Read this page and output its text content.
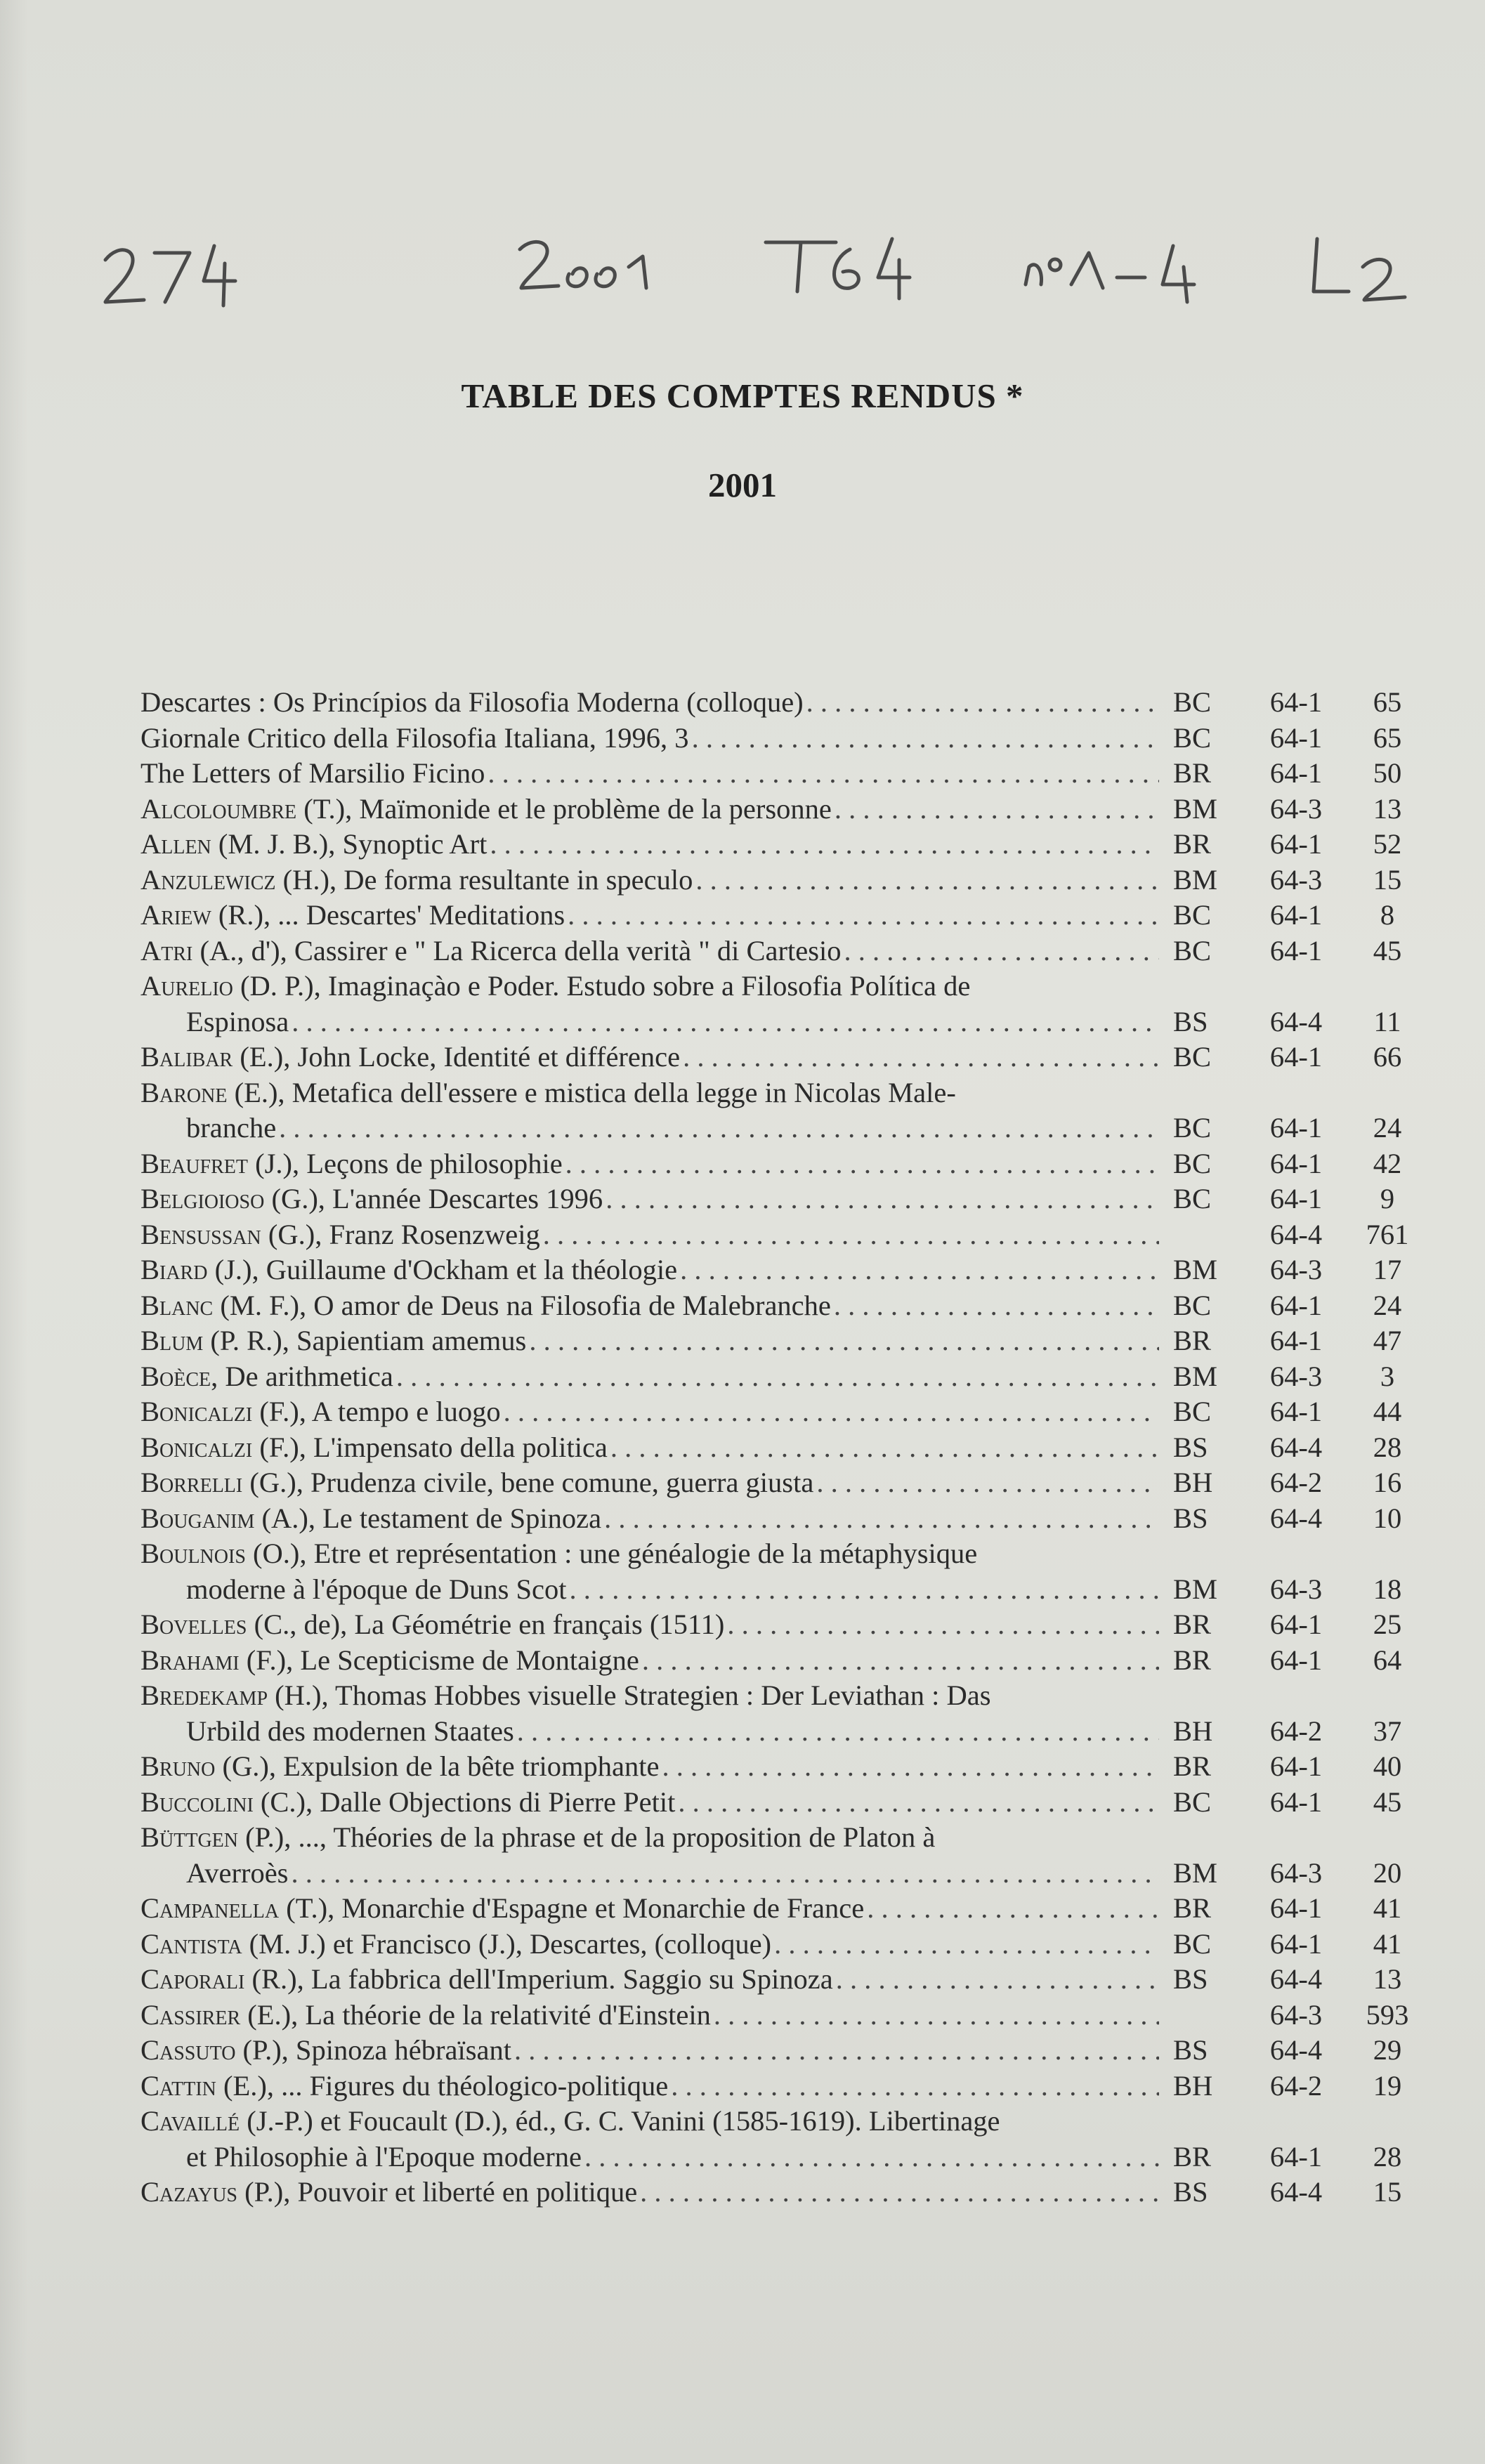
TABLE DES COMPTES RENDUS *
2001
Descartes : Os Princípios da Filosofia Moderna (colloque) . . .	BC	64-1	65
Giornale Critico della Filosofia Italiana, 1996, 3 . . .	BC	64-1	65
The Letters of Marsilio Ficino . . .	BR	64-1	50
Alcoloumbre (T.), Maïmonide et le problème de la personne . . .	BM	64-3	13
Allen (M. J. B.), Synoptic Art . . .	BR	64-1	52
Anzulewicz (H.), De forma resultante in speculo . . .	BM	64-3	15
Ariew (R.), ... Descartes' Meditations . . .	BC	64-1	8
Atri (A., d'), Cassirer e " La Ricerca della verità " di Cartesio . . .	BC	64-1	45
Aurelio (D. P.), Imaginaçào e Poder. Estudo sobre a Filosofia Política de
Espinosa . . .	BS	64-4	11
Balibar (E.), John Locke, Identité et différence . . .	BC	64-1	66
Barone (E.), Metafica dell'essere e mistica della legge in Nicolas Male-
branche . . .	BC	64-1	24
Beaufret (J.), Leçons de philosophie . . .	BC	64-1	42
Belgioioso (G.), L'année Descartes 1996 . . .	BC	64-1	9
Bensussan (G.), Franz Rosenzweig . . .	64-4	761
Biard (J.), Guillaume d'Ockham et la théologie . . .	BM	64-3	17
Blanc (M. F.), O amor de Deus na Filosofia de Malebranche . . .	BC	64-1	24
Blum (P. R.), Sapientiam amemus . . .	BR	64-1	47
Boèce, De arithmetica . . .	BM	64-3	3
Bonicalzi (F.), A tempo e luogo . . .	BC	64-1	44
Bonicalzi (F.), L'impensato della politica . . .	BS	64-4	28
Borrelli (G.), Prudenza civile, bene comune, guerra giusta . . .	BH	64-2	16
Bouganim (A.), Le testament de Spinoza . . .	BS	64-4	10
Boulnois (O.), Etre et représentation : une généalogie de la métaphysique
moderne à l'époque de Duns Scot . . .	BM	64-3	18
Bovelles (C., de), La Géométrie en français (1511) . . .	BR	64-1	25
Brahami (F.), Le Scepticisme de Montaigne . . .	BR	64-1	64
Bredekamp (H.), Thomas Hobbes visuelle Strategien : Der Leviathan : Das
Urbild des modernen Staates . . .	BH	64-2	37
Bruno (G.), Expulsion de la bête triomphante . . .	BR	64-1	40
Buccolini (C.), Dalle Objections di Pierre Petit . . .	BC	64-1	45
Büttgen (P.), ..., Théories de la phrase et de la proposition de Platon à
Averroès . . .	BM	64-3	20
Campanella (T.), Monarchie d'Espagne et Monarchie de France . . .	BR	64-1	41
Cantista (M. J.) et Francisco (J.), Descartes, (colloque) . . .	BC	64-1	41
Caporali (R.), La fabbrica dell'Imperium. Saggio su Spinoza . . .	BS	64-4	13
Cassirer (E.), La théorie de la relativité d'Einstein . . .	64-3	593
Cassuto (P.), Spinoza hébraïsant . . .	BS	64-4	29
Cattin (E.), ... Figures du théologico-politique . . .	BH	64-2	19
Cavaillé (J.-P.) et Foucault (D.), éd., G. C. Vanini (1585-1619). Libertinage
et Philosophie à l'Epoque moderne . . .	BR	64-1	28
Cazayus (P.), Pouvoir et liberté en politique . . .	BS	64-4	15
